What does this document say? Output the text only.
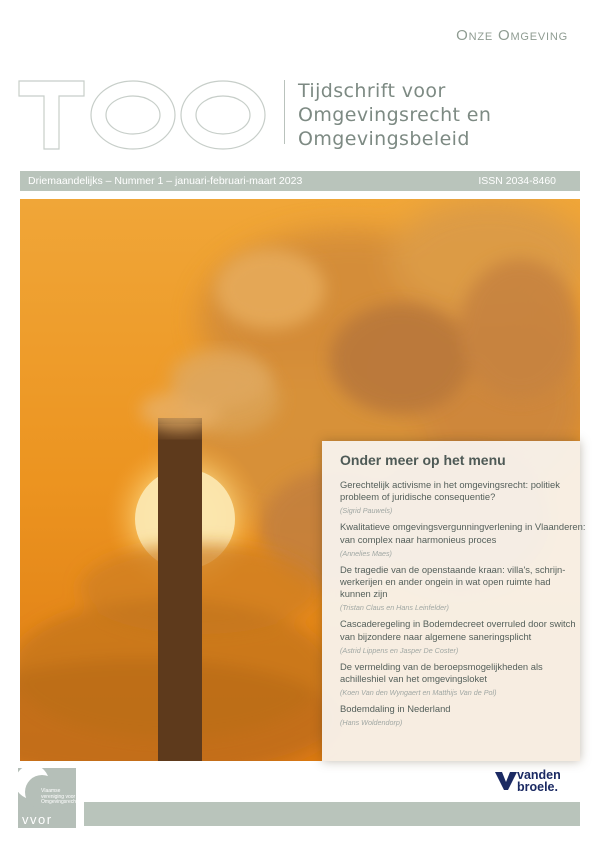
Onze Omgeving
Tijdschrift voor
Omgevingsrecht en
Omgevingsbeleid
Driemaandelijks – Nummer 1 – januari-februari-maart 2023	ISSN 2034-8460
Onder meer op het menu
Gerechtelijk activisme in het omgevingsrecht: politiek
probleem of juridische consequentie?
(Sigrid Pauwels)
Kwalitatieve omgevingsvergunningverlening in Vlaanderen:
van complex naar harmonieus proces
(Annelies Maes)
De tragedie van de openstaande kraan: villa's, schrijn-
werkerijen en ander ongein in wat open ruimte had
kunnen zijn
(Tristan Claus en Hans Leinfelder)
Cascaderegeling in Bodemdecreet overruled door switch
van bijzondere naar algemene saneringsplicht
(Astrid Lippens en Jasper De Coster)
De vermelding van de beroepsmogelijkheden als
achilleshiel van het omgevingsloket
(Koen Van den Wyngaert en Matthijs Van de Pol)
Bodemdaling in Nederland
(Hans Woldendorp)
Vlaamse
vereniging voor
Omgevingsrecht
vvor
vanden
broele.
